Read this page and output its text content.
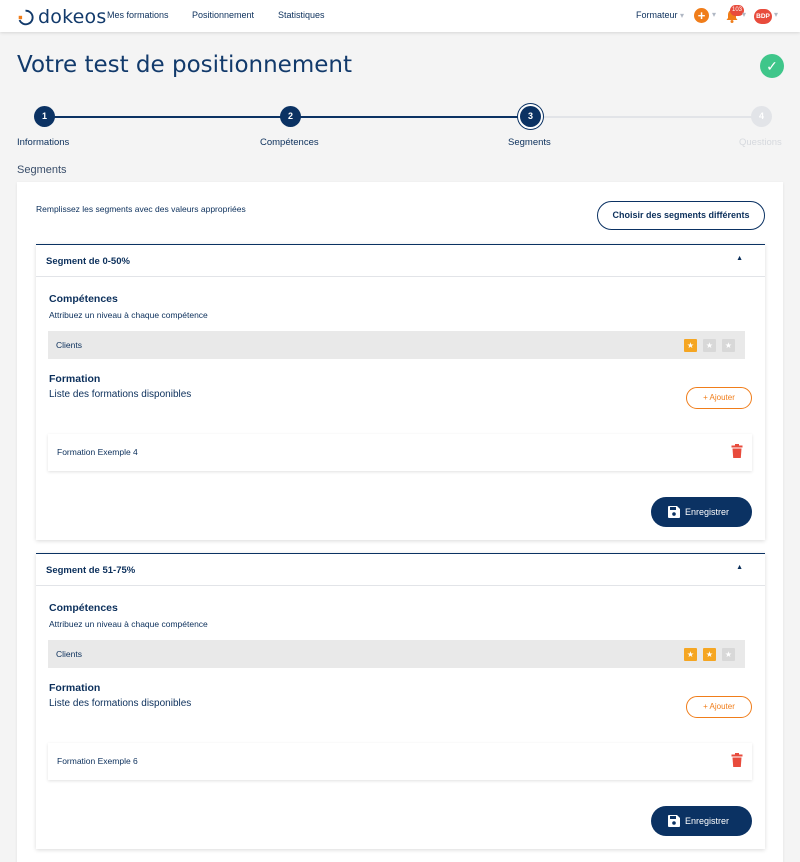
dokeos Mes formations	Positionnement	Statistiques	Formateur ▾ + ▾	103 ▾	BDP ▾
Votre test de positionnement	✓
1	2	3	4
Informations	Compétences	Segments	Questions
Segments
Remplissez les segments avec des valeurs appropriées
Choisir des segments différents
Segment de 0-50%	▲
Compétences
Attribuez un niveau à chaque compétence
Clients	★	★	★
Formation
Liste des formations disponibles	+ Ajouter
Formation Exemple 4
Enregistrer
Segment de 51-75%	▲
Compétences
Attribuez un niveau à chaque compétence
Clients	★	★	★
Formation
Liste des formations disponibles	+ Ajouter
Formation Exemple 6
Enregistrer
